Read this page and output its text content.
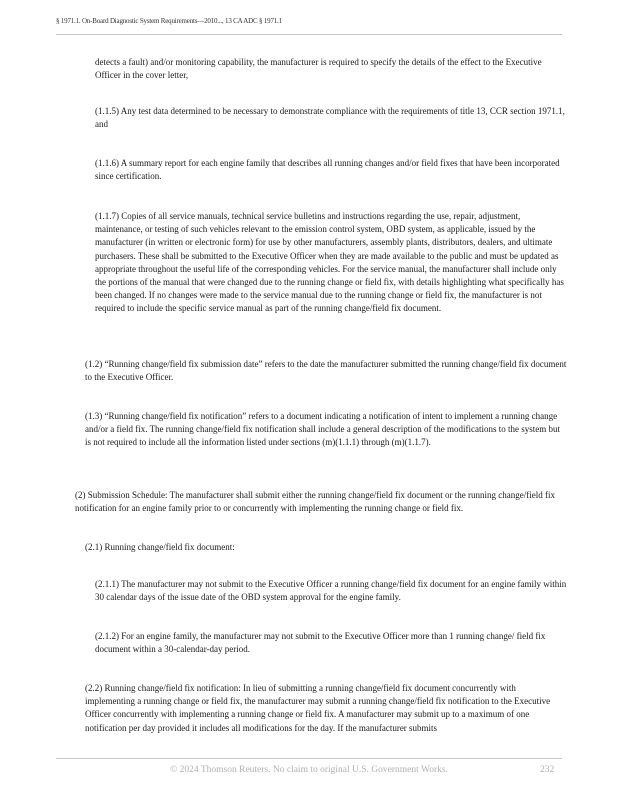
§ 1971.1. On-Board Diagnostic System Requirements—2010..., 13 CA ADC § 1971.1

detects a fault) and/or monitoring capability, the manufacturer is required to specify the details of the effect to the Executive Officer in the cover letter,

(1.1.5) Any test data determined to be necessary to demonstrate compliance with the requirements of title 13, CCR section 1971.1, and

(1.1.6) A summary report for each engine family that describes all running changes and/or field fixes that have been incorporated since certification.

(1.1.7) Copies of all service manuals, technical service bulletins and instructions regarding the use, repair, adjustment, maintenance, or testing of such vehicles relevant to the emission control system, OBD system, as applicable, issued by the manufacturer (in written or electronic form) for use by other manufacturers, assembly plants, distributors, dealers, and ultimate purchasers. These shall be submitted to the Executive Officer when they are made available to the public and must be updated as appropriate throughout the useful life of the corresponding vehicles. For the service manual, the manufacturer shall include only the portions of the manual that were changed due to the running change or field fix, with details highlighting what specifically has been changed. If no changes were made to the service manual due to the running change or field fix, the manufacturer is not required to include the specific service manual as part of the running change/field fix document.

(1.2) “Running change/field fix submission date” refers to the date the manufacturer submitted the running change/field fix document to the Executive Officer.

(1.3) “Running change/field fix notification” refers to a document indicating a notification of intent to implement a running change and/or a field fix. The running change/field fix notification shall include a general description of the modifications to the system but is not required to include all the information listed under sections (m)(1.1.1) through (m)(1.1.7).

(2) Submission Schedule: The manufacturer shall submit either the running change/field fix document or the running change/field fix notification for an engine family prior to or concurrently with implementing the running change or field fix.

(2.1) Running change/field fix document:

(2.1.1) The manufacturer may not submit to the Executive Officer a running change/field fix document for an engine family within 30 calendar days of the issue date of the OBD system approval for the engine family.

(2.1.2) For an engine family, the manufacturer may not submit to the Executive Officer more than 1 running change/ field fix document within a 30-calendar-day period.

(2.2) Running change/field fix notification: In lieu of submitting a running change/field fix document concurrently with implementing a running change or field fix, the manufacturer may submit a running change/field fix notification to the Executive Officer concurrently with implementing a running change or field fix. A manufacturer may submit up to a maximum of one notification per day provided it includes all modifications for the day. If the manufacturer submits

© 2024 Thomson Reuters. No claim to original U.S. Government Works.	232
